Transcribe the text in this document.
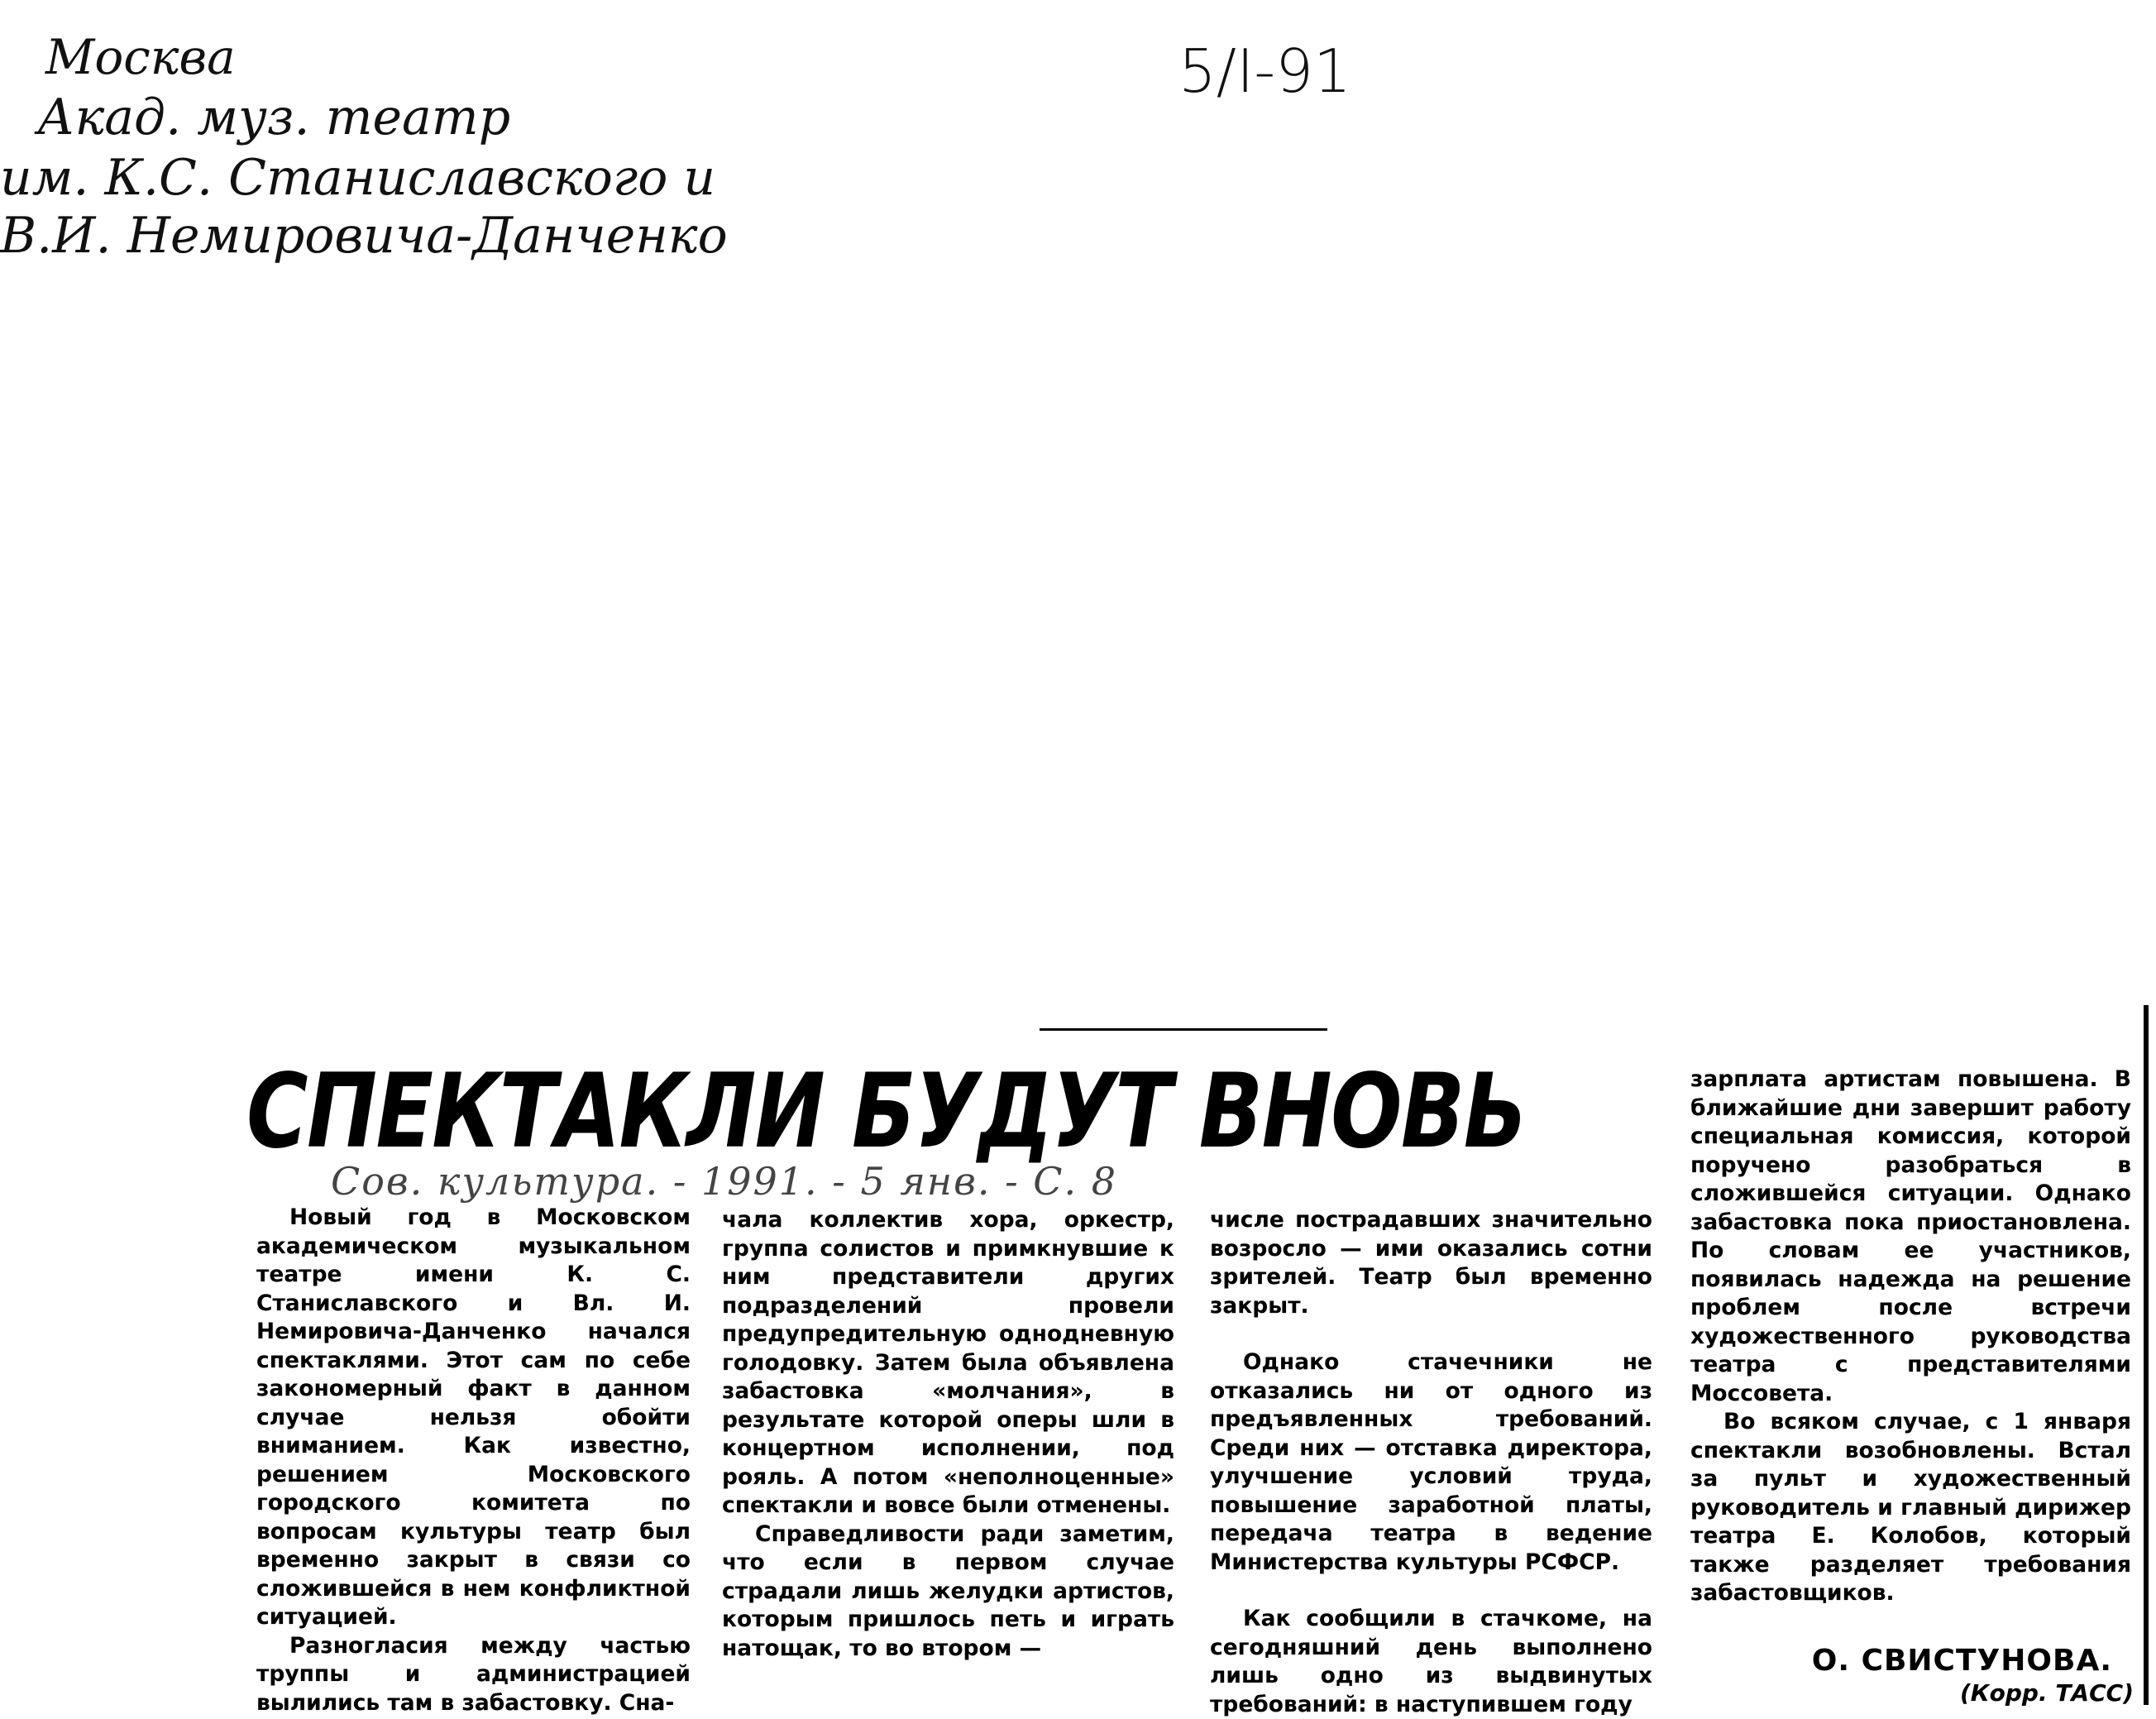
Москва
Акад. муз. театр
им. К.С. Станиславского и
В.И. Немировича-Данченко
5/I-91
СПЕКТАКЛИ БУДУТ ВНОВЬ
Сов. культура. - 1991. - 5 янв. - С. 8

Новый год в Московском академическом музыкальном театре имени К. С. Станиславского и Вл. И. Немировича-Данченко начался спектаклями. Этот сам по себе закономерный факт в данном случае нельзя обойти вниманием. Как известно, решением Московского городского комитета по вопросам культуры театр был временно закрыт в связи со сложившейся в нем конфликтной ситуацией.

Разногласия между частью труппы и администрацией вылились там в забастовку. Сна-

чала коллектив хора, оркестр, группа солистов и примкнувшие к ним представители других подразделений провели предупредительную однодневную голодовку. Затем была объявлена забастовка «молчания», в результате которой оперы шли в концертном исполнении, под рояль. А потом «неполноценные» спектакли и вовсе были отменены.

Справедливости ради заметим, что если в первом случае страдали лишь желудки артистов, которым пришлось петь и играть натощак, то во втором —

числе пострадавших значительно возросло — ими оказались сотни зрителей. Театр был временно закрыт.

Однако стачечники не отказались ни от одного из предъявленных требований. Среди них — отставка директора, улучшение условий труда, повышение заработной платы, передача театра в ведение Министерства культуры РСФСР.

Как сообщили в стачкоме, на сегодняшний день выполнено лишь одно из выдвинутых требований: в наступившем году

зарплата артистам повышена. В ближайшие дни завершит работу специальная комиссия, которой поручено разобраться в сложившейся ситуации. Однако забастовка пока приостановлена. По словам ее участников, появилась надежда на решение проблем после встречи художественного руководства театра с представителями Моссовета.

Во всяком случае, с 1 января спектакли возобновлены. Встал за пульт и художественный руководитель и главный дирижер театра Е. Колобов, который также разделяет требования забастовщиков.

О. СВИСТУНОВА.
(Корр. ТАСС)
